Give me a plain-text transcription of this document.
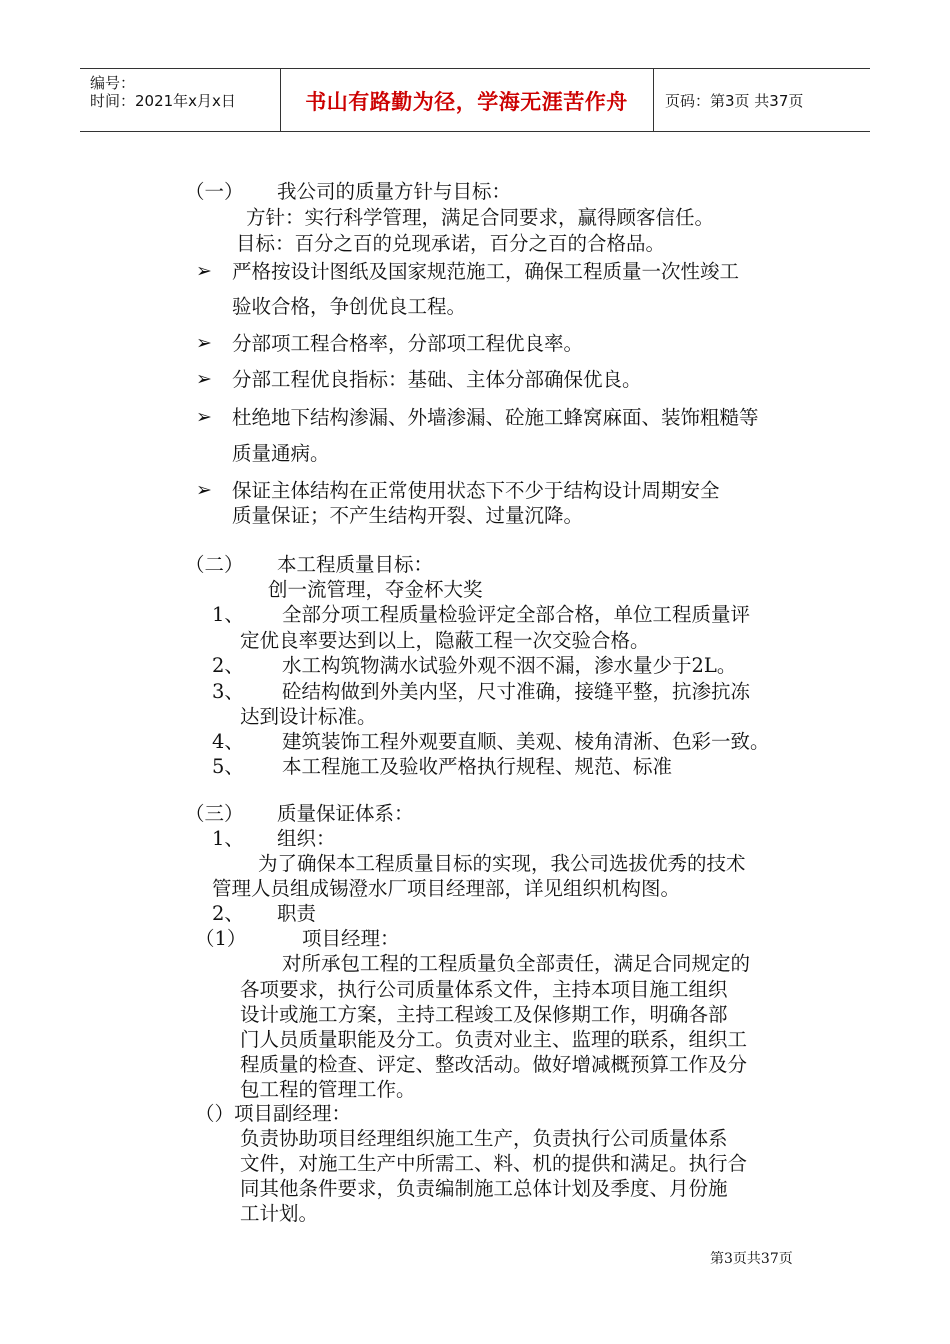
编号：
时间：2021年x月x日	书山有路勤为径，学海无涯苦作舟	页码：第3页 共37页
（一） 我公司的质量方针与目标：
方针：实行科学管理，满足合同要求，赢得顾客信任。
目标：百分之百的兑现承诺，百分之百的合格品。
➢ 严格按设计图纸及国家规范施工，确保工程质量一次性竣工
验收合格，争创优良工程。
➢ 分部项工程合格率，分部项工程优良率。
➢ 分部工程优良指标：基础、主体分部确保优良。
➢ 杜绝地下结构渗漏、外墙渗漏、砼施工蜂窝麻面、装饰粗糙等
质量通病。
➢ 保证主体结构在正常使用状态下不少于结构设计周期安全
质量保证；不产生结构开裂、过量沉降。
（二） 本工程质量目标：
创一流管理，夺金杯大奖
1、 全部分项工程质量检验评定全部合格，单位工程质量评
定优良率要达到以上，隐蔽工程一次交验合格。
2、 水工构筑物满水试验外观不洇不漏，渗水量少于2L。
3、 砼结构做到外美内坚，尺寸准确，接缝平整，抗渗抗冻
达到设计标准。
4、 建筑装饰工程外观要直顺、美观、棱角清淅、色彩一致。
5、 本工程施工及验收严格执行规程、规范、标准
（三） 质量保证体系：
1、 组织：
为了确保本工程质量目标的实现，我公司选拔优秀的技术
管理人员组成锡澄水厂项目经理部，详见组织机构图。
2、 职责
（1）	项目经理：
对所承包工程的工程质量负全部责任，满足合同规定的
各项要求，执行公司质量体系文件，主持本项目施工组织
设计或施工方案，主持工程竣工及保修期工作，明确各部
门人员质量职能及分工。负责对业主、监理的联系，组织工
程质量的检查、评定、整改活动。做好增减概预算工作及分
包工程的管理工作。
（）项目副经理：
负责协助项目经理组织施工生产，负责执行公司质量体系
文件，对施工生产中所需工、料、机的提供和满足。执行合
同其他条件要求，负责编制施工总体计划及季度、月份施
工计划。
第3页共37页
